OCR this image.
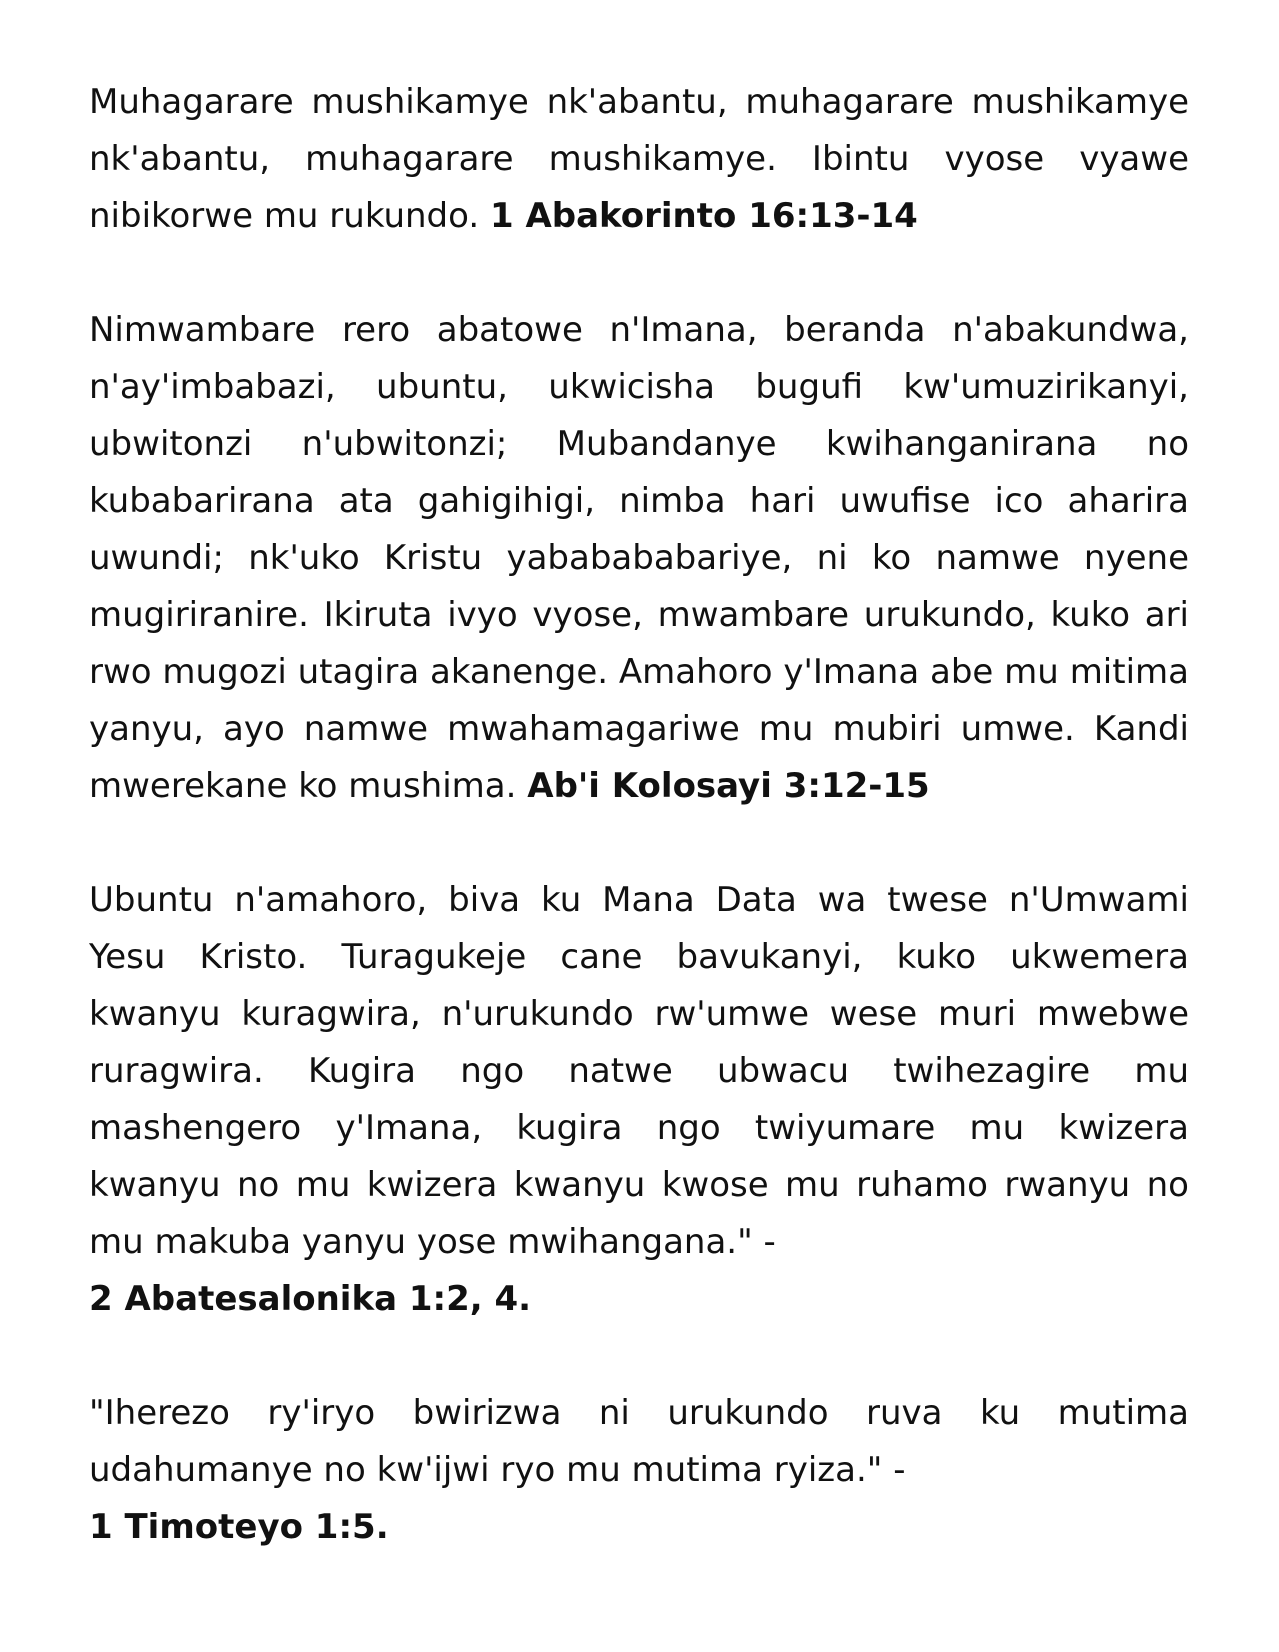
Muhagarare mushikamye nk'abantu, muhagarare mushikamye nk'abantu, muhagarare mushikamye. Ibintu vyose vyawe nibikorwe mu rukundo. 1 Abakorinto 16:13-14

Nimwambare rero abatowe n'Imana, beranda n'abakundwa, n'ay'imbabazi, ubuntu, ukwicisha bugufi kw'umuzirikanyi, ubwitonzi n'ubwitonzi; Mubandanye kwihanganirana no kubabarirana ata gahigihigi, nimba hari uwufise ico aharira uwundi; nk'uko Kristu yababababariye, ni ko namwe nyene mugiriranire. Ikiruta ivyo vyose, mwambare urukundo, kuko ari rwo mugozi utagira akanenge. Amahoro y'Imana abe mu mitima yanyu, ayo namwe mwahamagariwe mu mubiri umwe. Kandi mwerekane ko mushima. Ab'i Kolosayi 3:12-15

Ubuntu n'amahoro, biva ku Mana Data wa twese n'Umwami Yesu Kristo. Turagukeje cane bavukanyi, kuko ukwemera kwanyu kuragwira, n'urukundo rw'umwe wese muri mwebwe ruragwira. Kugira ngo natwe ubwacu twihezagire mu mashengero y'Imana, kugira ngo twiyumare mu kwizera kwanyu no mu kwizera kwanyu kwose mu ruhamo rwanyu no mu makuba yanyu yose mwihangana." -
2 Abatesalonika 1:2, 4.

"Iherezo ry'iryo bwirizwa ni urukundo ruva ku mutima udahumanye no kw'ijwi ryo mu mutima ryiza." -
1 Timoteyo 1:5.
